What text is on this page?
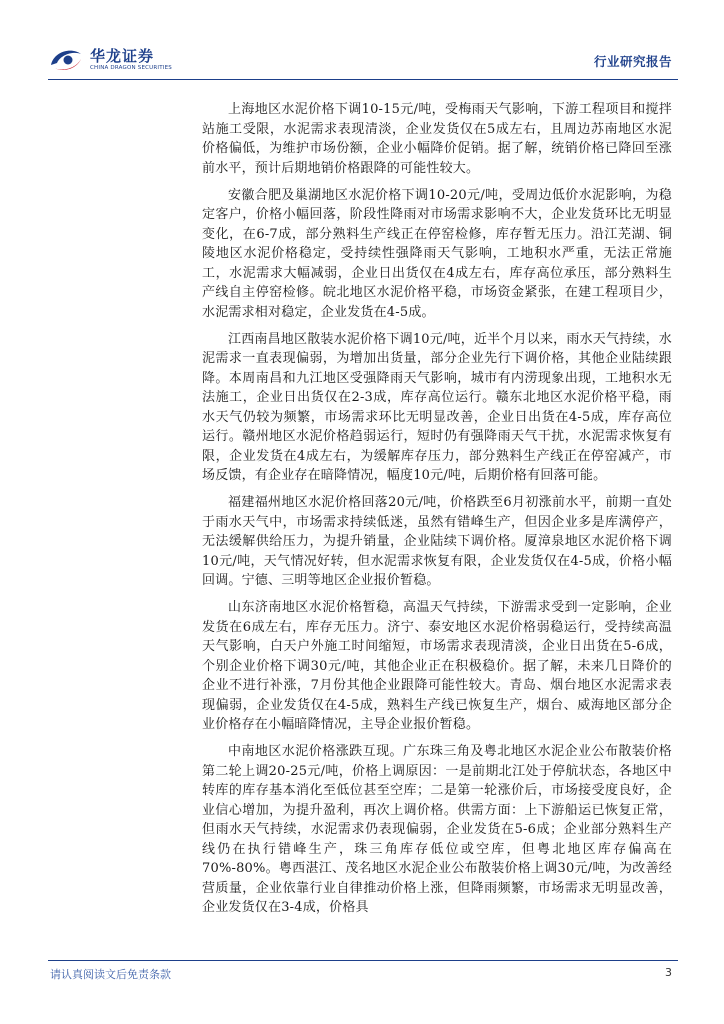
华龙证券
CHINA DRAGON SECURITIES	行业研究报告

上海地区水泥价格下调10-15元/吨，受梅雨天气影响，下游工程项目和搅拌站施工受限，水泥需求表现清淡，企业发货仅在5成左右，且周边苏南地区水泥价格偏低，为维护市场份额，企业小幅降价促销。据了解，统销价格已降回至涨前水平，预计后期地销价格跟降的可能性较大。

安徽合肥及巢湖地区水泥价格下调10-20元/吨，受周边低价水泥影响，为稳定客户，价格小幅回落，阶段性降雨对市场需求影响不大，企业发货环比无明显变化，在6-7成，部分熟料生产线正在停窑检修，库存暂无压力。沿江芜湖、铜陵地区水泥价格稳定，受持续性强降雨天气影响，工地积水严重，无法正常施工，水泥需求大幅减弱，企业日出货仅在4成左右，库存高位承压，部分熟料生产线自主停窑检修。皖北地区水泥价格平稳，市场资金紧张，在建工程项目少，水泥需求相对稳定，企业发货在4-5成。

江西南昌地区散装水泥价格下调10元/吨，近半个月以来，雨水天气持续，水泥需求一直表现偏弱，为增加出货量，部分企业先行下调价格，其他企业陆续跟降。本周南昌和九江地区受强降雨天气影响，城市有内涝现象出现，工地积水无法施工，企业日出货仅在2-3成，库存高位运行。赣东北地区水泥价格平稳，雨水天气仍较为频繁，市场需求环比无明显改善，企业日出货在4-5成，库存高位运行。赣州地区水泥价格趋弱运行，短时仍有强降雨天气干扰，水泥需求恢复有限，企业发货在4成左右，为缓解库存压力，部分熟料生产线正在停窑减产，市场反馈，有企业存在暗降情况，幅度10元/吨，后期价格有回落可能。

福建福州地区水泥价格回落20元/吨，价格跌至6月初涨前水平，前期一直处于雨水天气中，市场需求持续低迷，虽然有错峰生产，但因企业多是库满停产，无法缓解供给压力，为提升销量，企业陆续下调价格。厦漳泉地区水泥价格下调10元/吨，天气情况好转，但水泥需求恢复有限，企业发货仅在4-5成，价格小幅回调。宁德、三明等地区企业报价暂稳。

山东济南地区水泥价格暂稳，高温天气持续，下游需求受到一定影响，企业发货在6成左右，库存无压力。济宁、泰安地区水泥价格弱稳运行，受持续高温天气影响，白天户外施工时间缩短，市场需求表现清淡，企业日出货在5-6成，个别企业价格下调30元/吨，其他企业正在积极稳价。据了解，未来几日降价的企业不进行补涨，7月份其他企业跟降可能性较大。青岛、烟台地区水泥需求表现偏弱，企业发货仅在4-5成，熟料生产线已恢复生产，烟台、威海地区部分企业价格存在小幅暗降情况，主导企业报价暂稳。

中南地区水泥价格涨跌互现。广东珠三角及粤北地区水泥企业公布散装价格第二轮上调20-25元/吨，价格上调原因：一是前期北江处于停航状态，各地区中转库的库存基本消化至低位甚至空库；二是第一轮涨价后，市场接受度良好，企业信心增加，为提升盈利，再次上调价格。供需方面：上下游船运已恢复正常，但雨水天气持续，水泥需求仍表现偏弱，企业发货在5-6成；企业部分熟料生产线仍在执行错峰生产，珠三角库存低位或空库，但粤北地区库存偏高在70%-80%。粤西湛江、茂名地区水泥企业公布散装价格上调30元/吨，为改善经营质量，企业依靠行业自律推动价格上涨，但降雨频繁，市场需求无明显改善，企业发货仅在3-4成，价格具

请认真阅读文后免责条款	3
